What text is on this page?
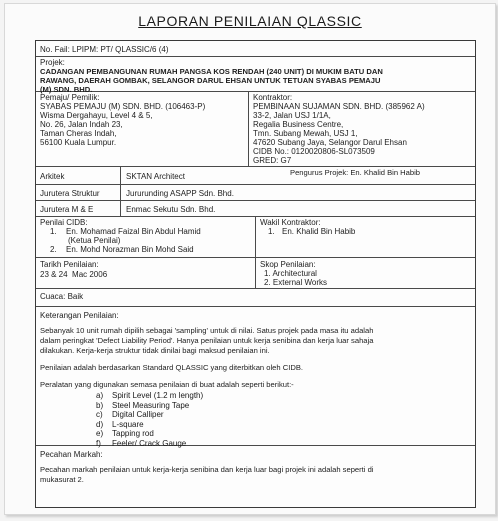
LAPORAN PENILAIAN QLASSIC
No. Fail: LPIPM: PT/ QLASSIC/6 (4)
Projek:
CADANGAN PEMBANGUNAN RUMAH PANGSA KOS RENDAH (240 UNIT) DI MUKIM BATU DAN
RAWANG, DAERAH GOMBAK, SELANGOR DARUL EHSAN UNTUK TETUAN SYABAS PEMAJU
(M) SDN. BHD.
Pemaju/ Pemilik:
SYABAS PEMAJU (M) SDN. BHD. (106463-P)
Wisma Dergahayu, Level 4 & 5,
No. 26, Jalan Indah 23,
Taman Cheras Indah,
56100 Kuala Lumpur.
Kontraktor:
PEMBINAAN SUJAMAN SDN. BHD. (385962 A)
33-2, Jalan USJ 1/1A,
Regalia Business Centre,
Tmn. Subang Mewah, USJ 1,
47620 Subang Jaya, Selangor Darul Ehsan
CIDB No.: 0120020806-SL073509
GRED: G7
Pengurus Projek: En. Khalid Bin Habib
Arkitek	SKTAN Architect
Jurutera Struktur	Jururunding ASAPP Sdn. Bhd.
Jurutera M & E	Enmac Sekutu Sdn. Bhd.
Penilai CIDB:
1. En. Mohamad Faizal Bin Abdul Hamid
(Ketua Penilai)
2. En. Mohd Norazman Bin Mohd Said
Wakil Kontraktor:
1. En. Khalid Bin Habib
Tarikh Penilaian:
23 & 24  Mac 2006
Skop Penilaian:
1. Architectural
2. External Works
Cuaca: Baik
Keterangan Penilaian:
Sebanyak 10 unit rumah dipilih sebagai 'sampling' untuk di nilai. Satus projek pada masa itu adalah
dalam peringkat 'Defect Liability Period'. Hanya penilaian untuk kerja senibina dan kerja luar sahaja
dilakukan. Kerja-kerja struktur tidak dinilai bagi maksud penilaian ini.
Penilaian adalah berdasarkan Standard QLASSIC yang diterbitkan oleh CIDB.
Peralatan yang digunakan semasa penilaian di buat adalah seperti berikut:-
a) Spirit Level (1.2 m length)
b) Steel Measuring Tape
c) Digital Calliper
d) L-square
e) Tapping rod
f) Feeler/ Crack Gauge
Pecahan Markah:
Pecahan markah penilaian untuk kerja-kerja senibina dan kerja luar bagi projek ini adalah seperti di
mukasurat 2.
